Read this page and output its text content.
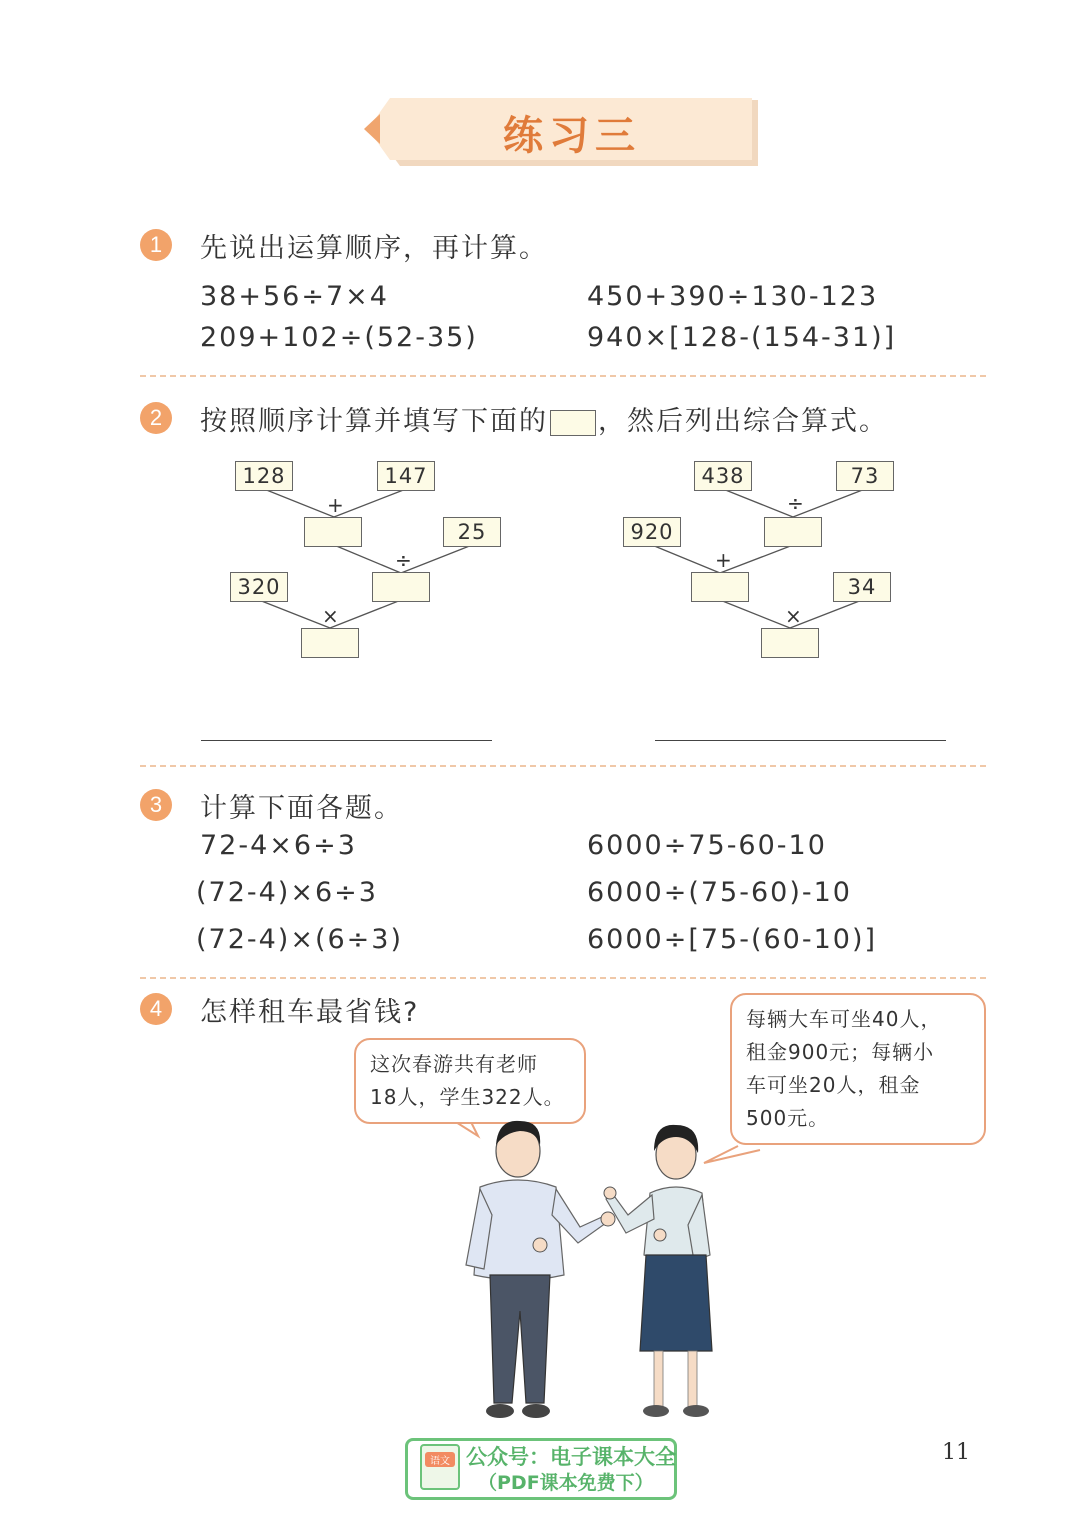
练习三
1	先说出运算顺序，再计算。
38+56÷7×4	450+390÷130-123
209+102÷(52-35)	940×[128-(154-31)]
2	按照顺序计算并填写下面的 ，然后列出综合算式。
128	147
+
25
÷
320
×
438	73
÷
920
+
34
×
3	计算下面各题。
72-4×6÷3	6000÷75-60-10
(72-4)×6÷3	6000÷(75-60)-10
(72-4)×(6÷3)	6000÷[75-(60-10)]
4	怎样租车最省钱?
这次春游共有老师
18人，学生322人。
每辆大车可坐40人，
租金900元；每辆小
车可坐20人，租金
500元。
语文 公众号：电子课本大全
（PDF课本免费下）
11
